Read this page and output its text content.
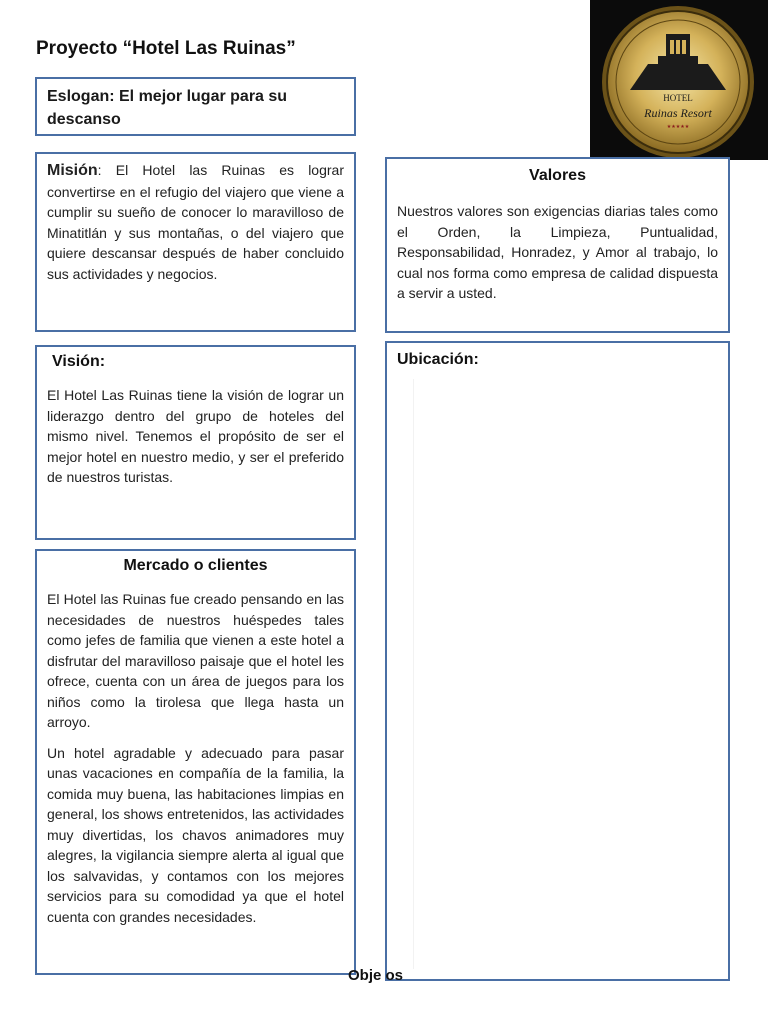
Proyecto “Hotel Las Ruinas”
HOTEL
Ruinas Resort
★★★★★
Eslogan: El mejor lugar para su descanso

Misión: El Hotel las Ruinas es lograr convertirse en el refugio del viajero que viene a cumplir su sueño de conocer lo maravilloso de Minatitlán y sus montañas, o del viajero que quiere descansar después de haber concluido sus actividades y negocios.

Valores

Nuestros valores son exigencias diarias tales como el Orden, la Limpieza, Puntualidad, Responsabilidad, Honradez, y Amor al trabajo, lo cual nos forma como empresa de calidad dispuesta a servir a usted.

Visión:

El Hotel Las Ruinas tiene la visión de lograr un liderazgo dentro del grupo de hoteles del mismo nivel. Tenemos el propósito de ser el mejor hotel en nuestro medio, y ser el preferido de nuestros turistas.

Ubicación:
Mercado o clientes

El Hotel las Ruinas fue creado pensando en las necesidades de nuestros huéspedes tales como jefes de familia que vienen a este hotel a disfrutar del maravilloso paisaje que el hotel les ofrece, cuenta con un área de juegos para los niños como la tirolesa que llega hasta un arroyo.

Un hotel agradable y adecuado para pasar unas vacaciones en compañía de la familia, la comida muy buena, las habitaciones limpias en general, los shows entretenidos, las actividades muy divertidas, los chavos animadores muy alegres, la vigilancia siempre alerta al igual que los salvavidas, y contamos con los mejores servicios para su comodidad ya que el hotel cuenta con grandes necesidades.

Obje os
